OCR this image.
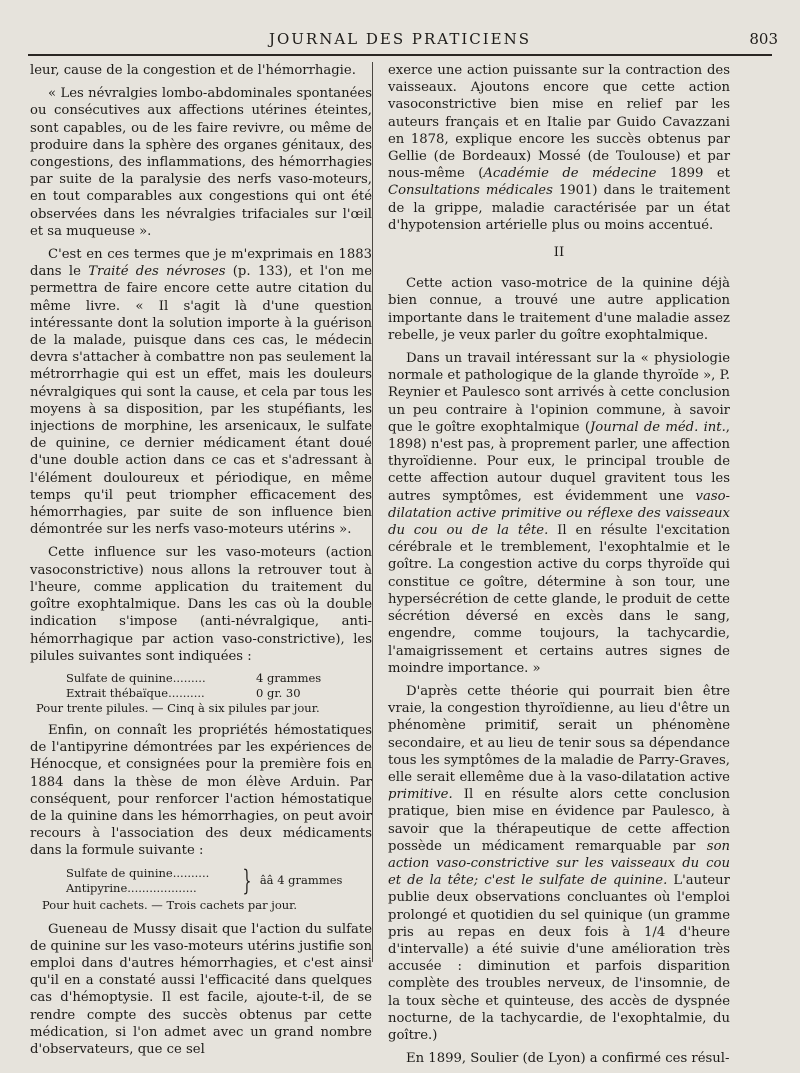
JOURNAL DES PRATICIENS	803

leur, cause de la congestion et de l'hémorrhagie.

« Les névralgies lombo-abdominales spontanées ou consécutives aux affections utérines éteintes, sont capables, ou de les faire revivre, ou même de produire dans la sphère des organes génitaux, des congestions, des inflammations, des hémorrhagies par suite de la paralysie des nerfs vaso-moteurs, en tout comparables aux congestions qui ont été observées dans les névralgies trifaciales sur l'œil et sa muqueuse ».

C'est en ces termes que je m'exprimais en 1883 dans le Traité des névroses (p. 133), et l'on me permettra de faire encore cette autre citation du même livre. « Il s'agit là d'une question intéressante dont la solution importe à la guérison de la malade, puisque dans ces cas, le médecin devra s'attacher à combattre non pas seulement la métrorrhagie qui est un effet, mais les douleurs névralgiques qui sont la cause, et cela par tous les moyens à sa disposition, par les stupéfiants, les injections de morphine, les arsenicaux, le sulfate de quinine, ce dernier médicament étant doué d'une double action dans ce cas et s'adressant à l'élément douloureux et périodique, en même temps qu'il peut triompher efficacement des hémorrhagies, par suite de son influence bien démontrée sur les nerfs vaso-moteurs utérins ».

Cette influence sur les vaso-moteurs (action vasoconstrictive) nous allons la retrouver tout à l'heure, comme application du traitement du goître exophtalmique. Dans les cas où la double indication s'impose (anti-névralgique, anti-hémorrhagique par action vaso-constrictive), les pilules suivantes sont indiquées :

Sulfate de quinine.........	4 grammes
Extrait thébaïque..........	0 gr. 30
Pour trente pilules. — Cinq à six pilules par jour.

Enfin, on connaît les propriétés hémostatiques de l'antipyrine démontrées par les expériences de Hénocque, et consignées pour la première fois en 1884 dans la thèse de mon élève Arduin. Par conséquent, pour renforcer l'action hémostatique de la quinine dans les hémorrhagies, on peut avoir recours à l'association des deux médicaments dans la formule suivante :

Sulfate de quinine..........
Antipyrine...................	} ââ 4 grammes
Pour huit cachets. — Trois cachets par jour.

Gueneau de Mussy disait que l'action du sulfate de quinine sur les vaso-moteurs utérins justifie son emploi dans d'autres hémorrhagies, et c'est ainsi qu'il en a constaté aussi l'efficacité dans quelques cas d'hémoptysie. Il est facile, ajoute-t-il, de se rendre compte des succès obtenus par cette médication, si l'on admet avec un grand nombre d'observateurs, que ce sel

exerce une action puissante sur la contraction des vaisseaux. Ajoutons encore que cette action vasoconstrictive bien mise en relief par les auteurs français et en Italie par Guido Cavazzani en 1878, explique encore les succès obtenus par Gellie (de Bordeaux) Mossé (de Toulouse) et par nous-même (Académie de médecine 1899 et Consultations médicales 1901) dans le traitement de la grippe, maladie caractérisée par un état d'hypotension artérielle plus ou moins accentué.

II

Cette action vaso-motrice de la quinine déjà bien connue, a trouvé une autre application importante dans le traitement d'une maladie assez rebelle, je veux parler du goître exophtalmique.

Dans un travail intéressant sur la « physiologie normale et pathologique de la glande thyroïde », P. Reynier et Paulesco sont arrivés à cette conclusion un peu contraire à l'opinion commune, à savoir que le goître exophtalmique (Journal de méd. int., 1898) n'est pas, à proprement parler, une affection thyroïdienne. Pour eux, le principal trouble de cette affection autour duquel gravitent tous les autres symptômes, est évidemment une vaso-dilatation active primitive ou réflexe des vaisseaux du cou ou de la tête. Il en résulte l'excitation cérébrale et le tremblement, l'exophtalmie et le goître. La congestion active du corps thyroïde qui constitue ce goître, détermine à son tour, une hypersécrétion de cette glande, le produit de cette sécrétion déversé en excès dans le sang, engendre, comme toujours, la tachycardie, l'amaigrissement et certains autres signes de moindre importance. »

D'après cette théorie qui pourrait bien être vraie, la congestion thyroïdienne, au lieu d'être un phénomène primitif, serait un phénomène secondaire, et au lieu de tenir sous sa dépendance tous les symptômes de la maladie de Parry-Graves, elle serait ellemême due à la vaso-dilatation active primitive. Il en résulte alors cette conclusion pratique, bien mise en évidence par Paulesco, à savoir que la thérapeutique de cette affection possède un médicament remarquable par son action vaso-constrictive sur les vaisseaux du cou et de la tête; c'est le sulfate de quinine. L'auteur publie deux observations concluantes où l'emploi prolongé et quotidien du sel quinique (un gramme pris au repas en deux fois à 1/4 d'heure d'intervalle) a été suivie d'une amélioration très accusée : diminution et parfois disparition complète des troubles nerveux, de l'insomnie, de la toux sèche et quinteuse, des accès de dyspnée nocturne, de la tachycardie, de l'exophtalmie, du goître.)

En 1899, Soulier (de Lyon) a confirmé ces résul-
